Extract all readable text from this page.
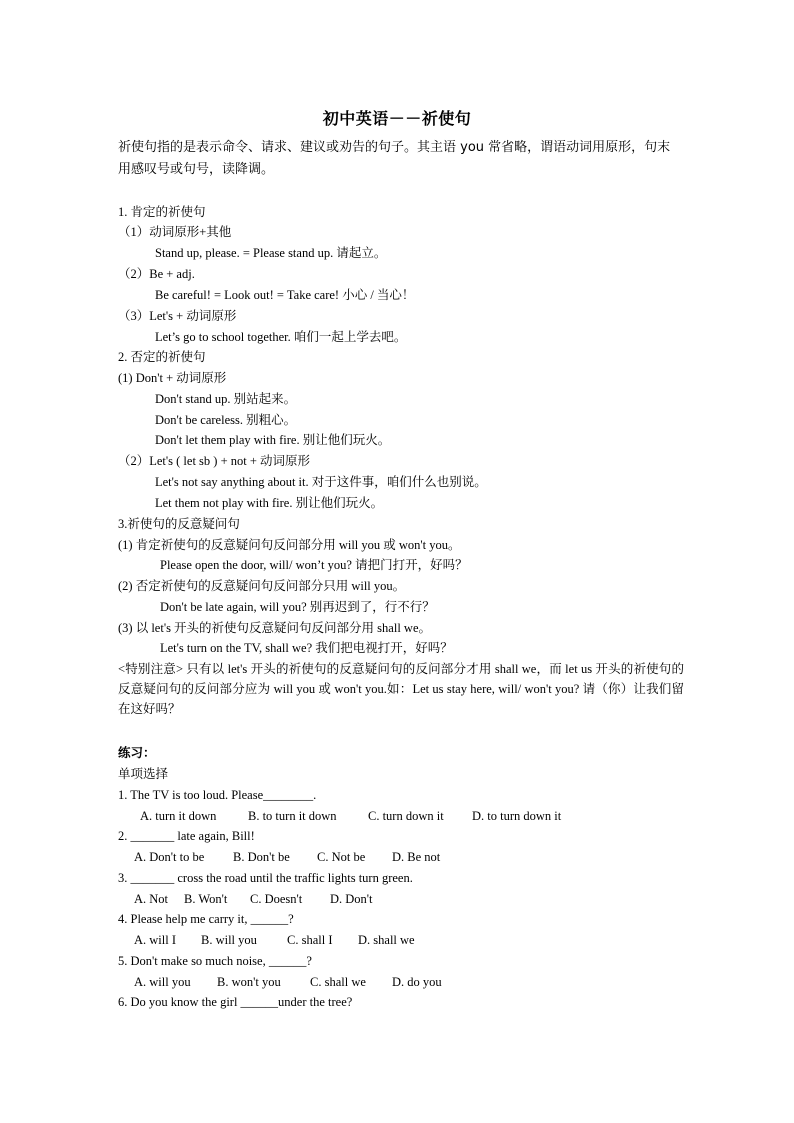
初中英语－－祈使句
祈使句指的是表示命令、请求、建议或劝告的句子。其主语 you 常省略，谓语动词用原形，句末用感叹号或句号，读降调。
1. 肯定的祈使句
（1）动词原形+其他
Stand up, please. = Please stand up. 请起立。
（2）Be + adj.
Be careful! = Look out! = Take care! 小心 / 当心！
（3）Let's + 动词原形
Let’s go to school together. 咱们一起上学去吧。
2. 否定的祈使句
(1) Don't + 动词原形
Don't stand up. 别站起来。
Don't be careless. 别粗心。
Don't let them play with fire. 别让他们玩火。
（2）Let's ( let sb ) + not + 动词原形
Let's not say anything about it. 对于这件事，咱们什么也别说。
Let them not play with fire. 别让他们玩火。
3.祈使句的反意疑问句
(1) 肯定祈使句的反意疑问句反问部分用 will you 或 won't you。
Please open the door, will/ won’t you? 请把门打开，好吗？
(2) 否定祈使句的反意疑问句反问部分只用 will you。
Don't be late again, will you? 别再迟到了，行不行？
(3) 以 let's 开头的祈使句反意疑问句反问部分用 shall we。
Let's turn on the TV, shall we? 我们把电视打开，好吗？
<特别注意> 只有以 let's 开头的祈使句的反意疑问句的反问部分才用 shall we，而 let us 开头的祈使句的反意疑问句的反问部分应为 will you 或 won't you.如：Let us stay here, will/ won't you? 请（你）让我们留在这好吗？
练习：
单项选择
1. The TV is too loud. Please________.
A. turn it down	B. to turn it down	C. turn down it D. to turn down it
2. _______ late again, Bill!
A. Don't to be B. Don't be C. Not be D. Be not
3. _______ cross the road until the traffic lights turn green.
A. Not B. Won't C. Doesn't D. Don't
4. Please help me carry it, ______?
A. will I B. will you C. shall I D. shall we
5. Don't make so much noise, ______?
A. will you B. won't you C. shall we D. do you
6. Do you know the girl ______under the tree?
